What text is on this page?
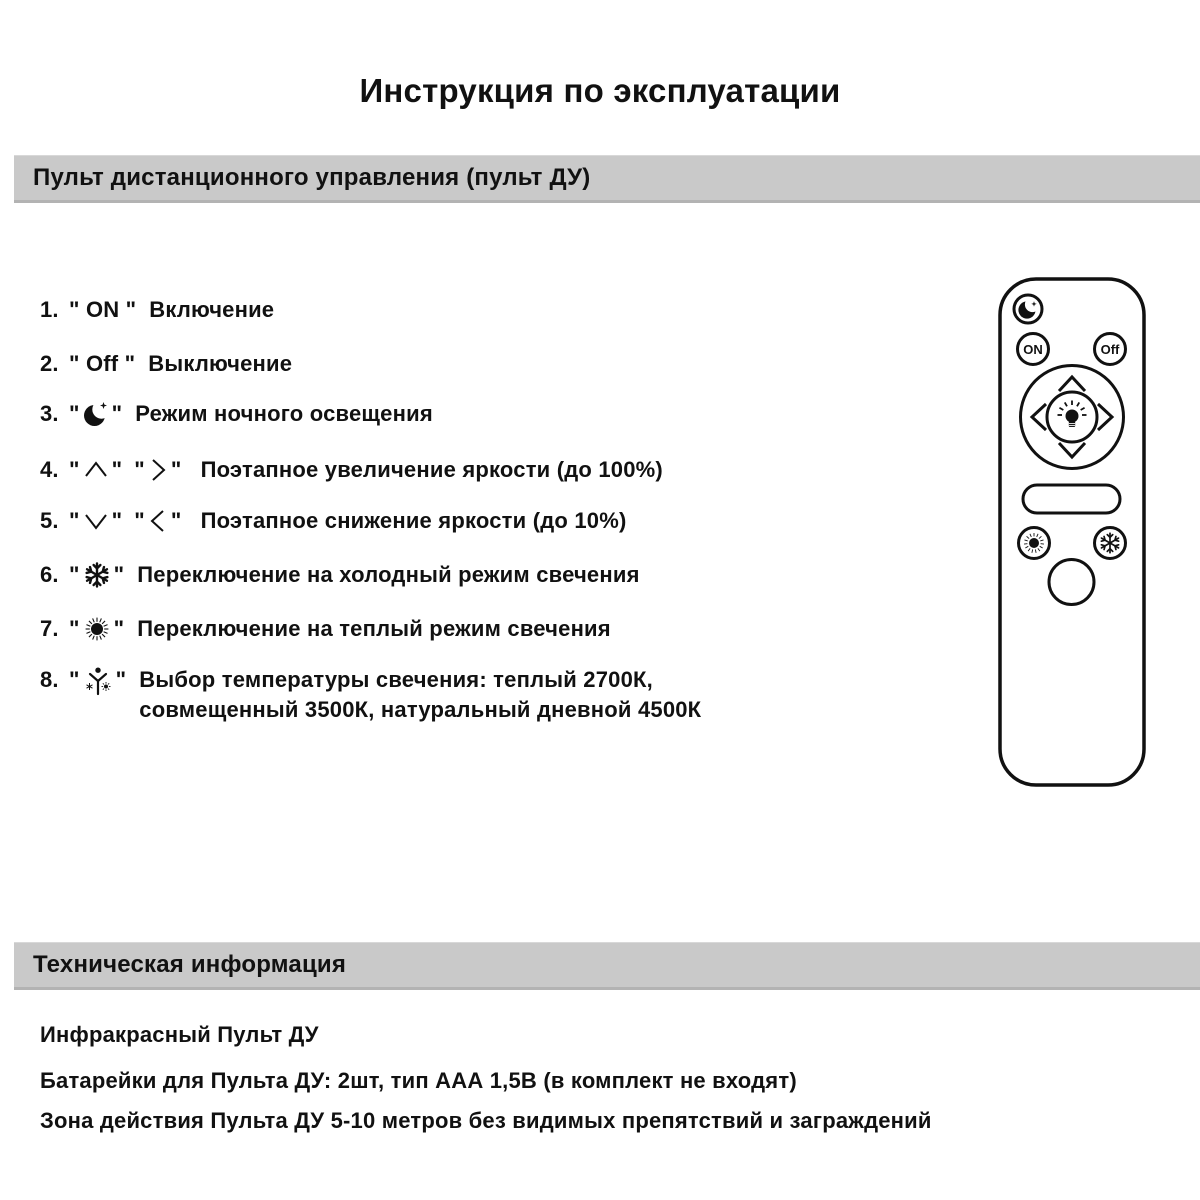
Инструкция по эксплуатации
Пульт дистанционного управления (пульт ДУ)
1. " ON " Включение
2. " Off " Выключение
3. " " Режим ночного освещения
4. " " " " Поэтапное увеличение яркости (до 100%)
5. " " " " Поэтапное снижение яркости (до 10%)
6. " " Переключение на холодный режим свечения
7. " " Переключение на теплый режим свечения
8. " " Выбор температуры свечения: теплый 2700К,
совмещенный 3500К, натуральный дневной 4500К
ON	Off
Техническая информация
Инфракрасный Пульт ДУ
Батарейки для Пульта ДУ: 2шт, тип ААА 1,5В (в комплект не входят)
Зона действия Пульта ДУ 5-10 метров без видимых препятствий и заграждений
